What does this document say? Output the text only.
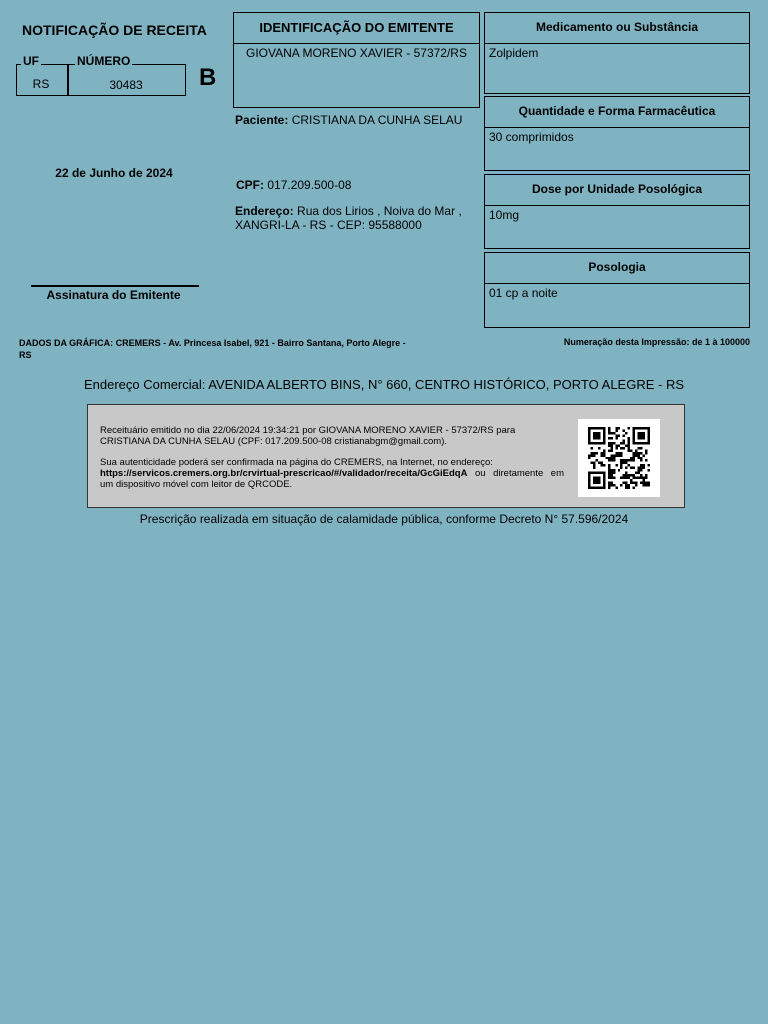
NOTIFICAÇÃO DE RECEITA
UF	NÚMERO
RS	30483	B
22 de Junho de 2024
Assinatura do Emitente
IDENTIFICAÇÃO DO EMITENTE
GIOVANA MORENO XAVIER - 57372/RS
Paciente: CRISTIANA DA CUNHA SELAU
CPF: 017.209.500-08
Endereço: Rua dos Lirios , Noiva do Mar , XANGRI-LA - RS - CEP: 95588000
Medicamento ou Substância
Zolpidem
Quantidade e Forma Farmacêutica
30 comprimidos
Dose por Unidade Posológica
10mg
Posologia
01 cp a noite
DADOS DA GRÁFICA: CREMERS - Av. Princesa Isabel, 921 - Bairro Santana, Porto Alegre - RS
Numeração desta Impressão: de 1 à 100000
Endereço Comercial: AVENIDA ALBERTO BINS, N° 660, CENTRO HISTÓRICO, PORTO ALEGRE - RS
Receituário emitido no dia 22/06/2024 19:34:21 por GIOVANA MORENO XAVIER - 57372/RS para CRISTIANA DA CUNHA SELAU (CPF: 017.209.500-08 cristianabgm@gmail.com).
Sua autenticidade poderá ser confirmada na página do CREMERS, na Internet, no endereço:
https://servicos.cremers.org.br/crvirtual-prescricao/#/validador/receita/GcGiEdqA ou diretamente em um dispositivo móvel com leitor de QRCODE.
Prescrição realizada em situação de calamidade pública, conforme Decreto N° 57.596/2024
